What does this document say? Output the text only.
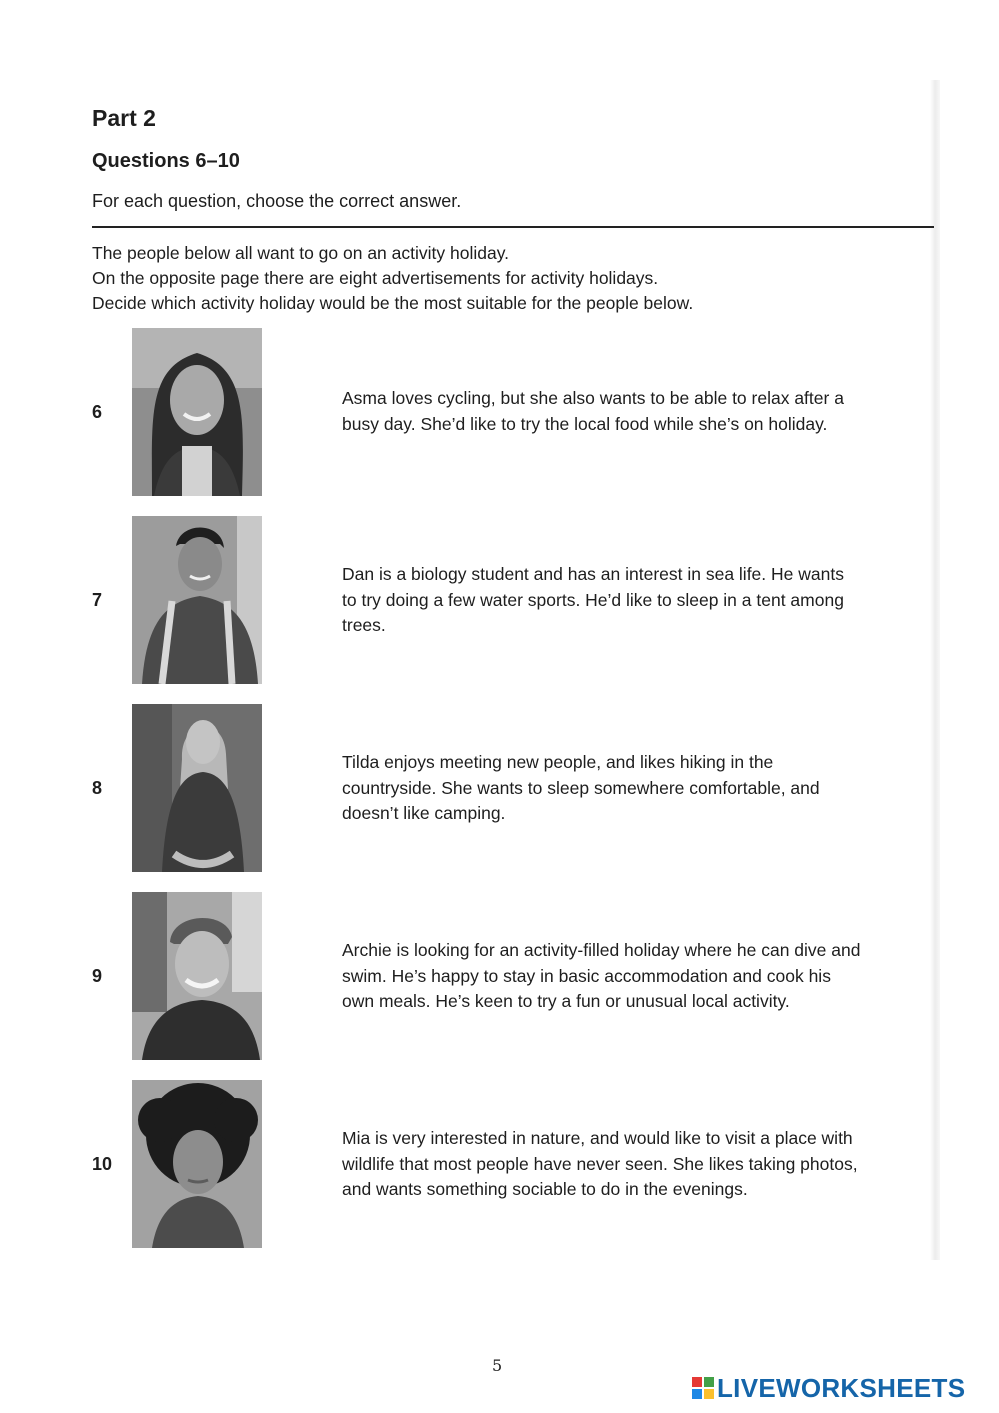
Part 2
Questions 6–10

For each question, choose the correct answer.

The people below all want to go on an activity holiday.
On the opposite page there are eight advertisements for activity holidays.
Decide which activity holiday would be the most suitable for the people below.
6
Asma loves cycling, but she also wants to be able to relax after a
busy day. She’d like to try the local food while she’s on holiday.
7
Dan is a biology student and has an interest in sea life. He wants
to try doing a few water sports. He’d like to sleep in a tent among
trees.
8
Tilda enjoys meeting new people, and likes hiking in the
countryside. She wants to sleep somewhere comfortable, and
doesn’t like camping.
9
Archie is looking for an activity-filled holiday where he can dive and
swim. He’s happy to stay in basic accommodation and cook his
own meals. He’s keen to try a fun or unusual local activity.
10
Mia is very interested in nature, and would like to visit a place with
wildlife that most people have never seen. She likes taking photos,
and wants something sociable to do in the evenings.
5
LIVEWORKSHEETS
